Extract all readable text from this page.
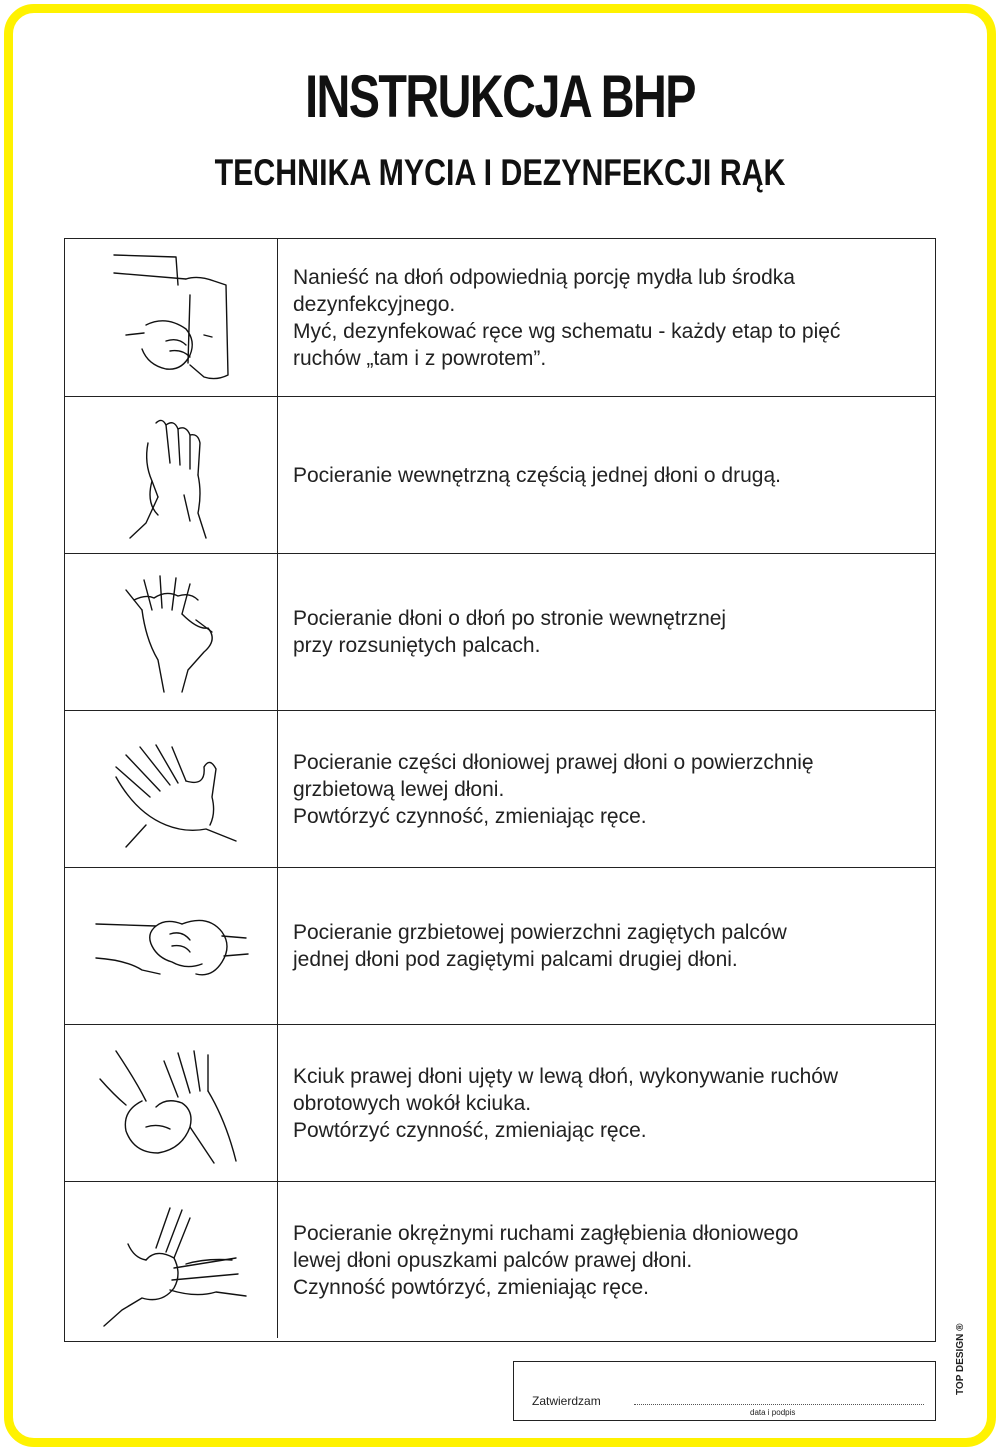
INSTRUKCJA BHP
TECHNIKA MYCIA I DEZYNFEKCJI RĄK
Nanieść na dłoń odpowiednią porcję mydła lub środka
dezynfekcyjnego.
Myć, dezynfekować ręce wg schematu - każdy etap to pięć
ruchów „tam i z powrotem”.
Pocieranie wewnętrzną częścią jednej dłoni o drugą.
Pocieranie dłoni o dłoń po stronie wewnętrznej
przy rozsuniętych palcach.
Pocieranie części dłoniowej prawej dłoni o powierzchnię
grzbietową lewej dłoni.
Powtórzyć czynność, zmieniając ręce.
Pocieranie grzbietowej powierzchni zagiętych palców
jednej dłoni pod zagiętymi palcami drugiej dłoni.
Kciuk prawej dłoni ujęty w lewą dłoń, wykonywanie ruchów
obrotowych wokół kciuka.
Powtórzyć czynność, zmieniając ręce.
Pocieranie okrężnymi ruchami zagłębienia dłoniowego
lewej dłoni opuszkami palców prawej dłoni.
Czynność powtórzyć, zmieniając ręce.
Zatwierdzam
data i podpis
TOP DESIGN ®
